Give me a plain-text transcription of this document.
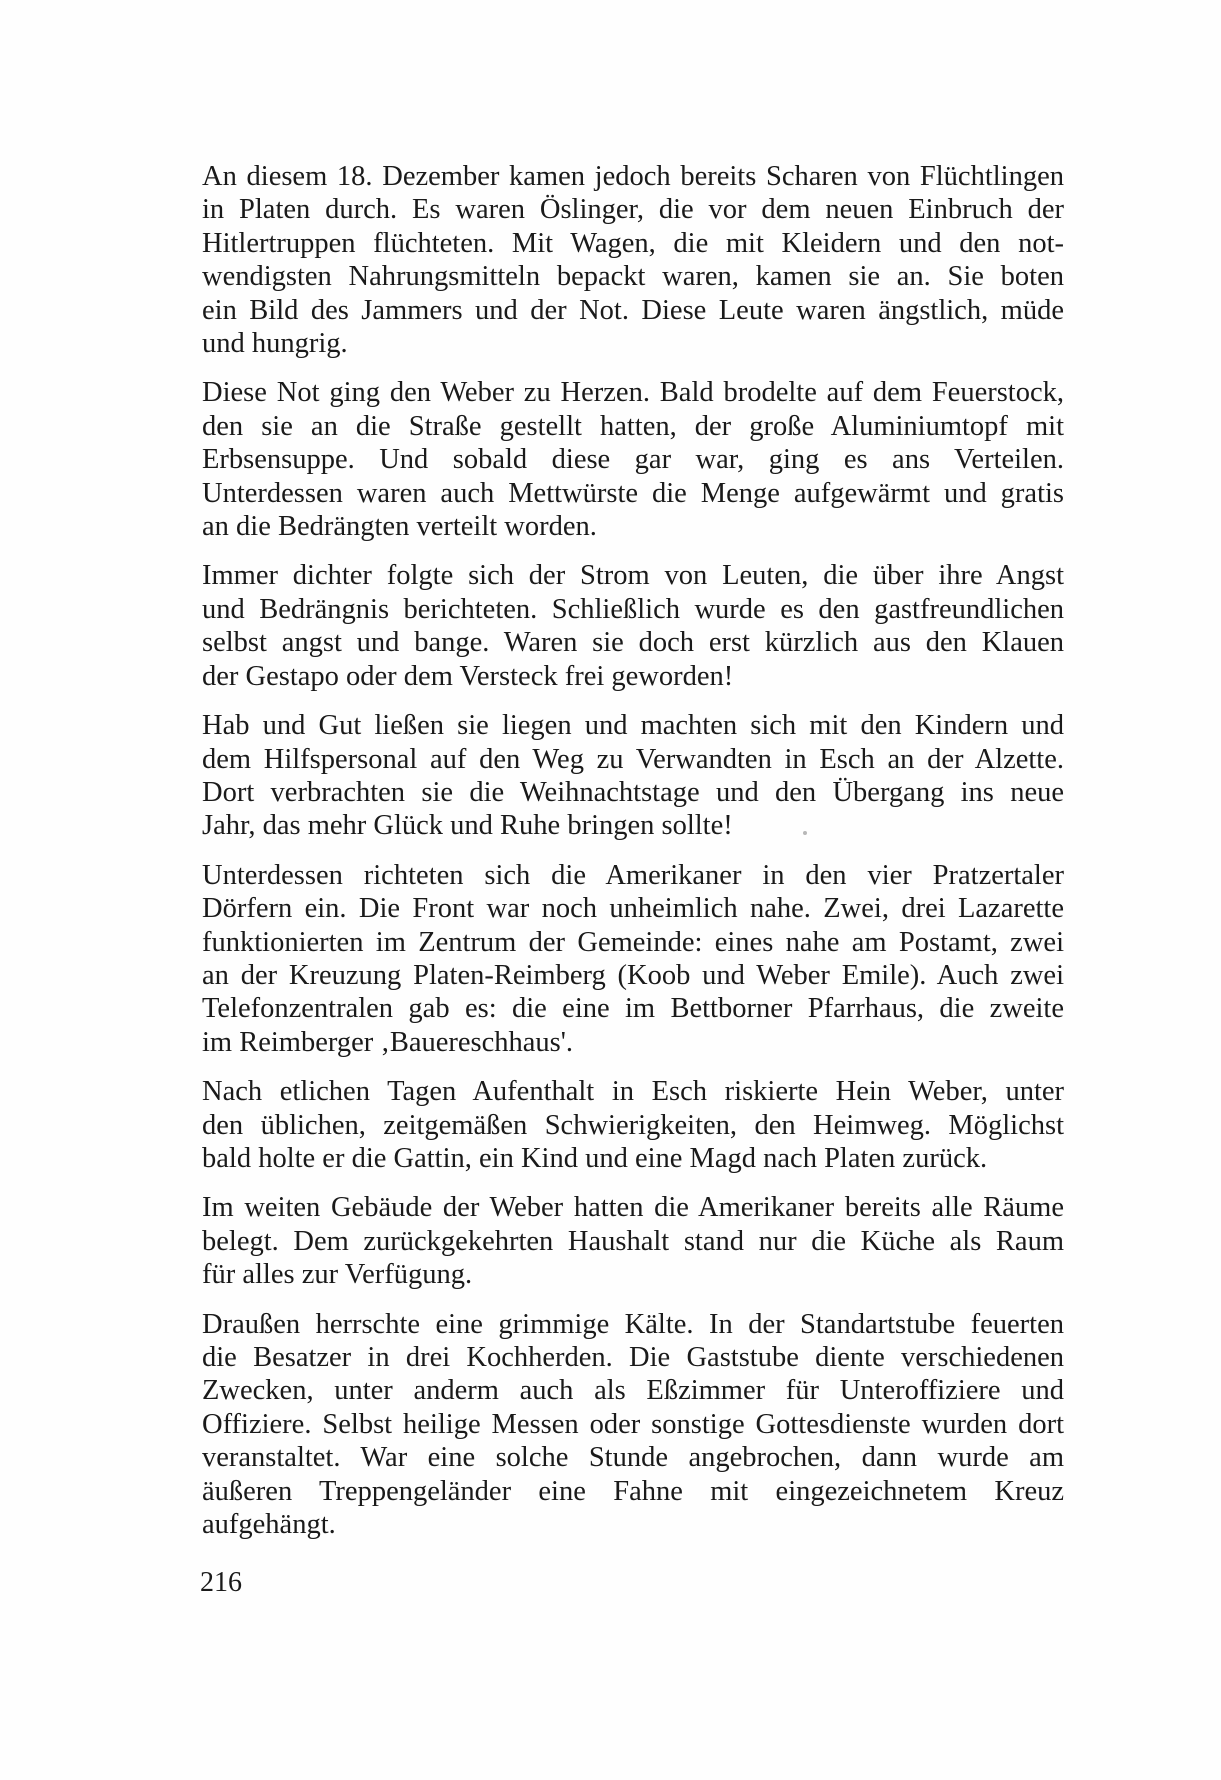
An diesem 18. Dezember kamen jedoch bereits Scharen von Flüchtlingen
in Platen durch. Es waren Öslinger, die vor dem neuen Einbruch der
Hitlertruppen flüchteten. Mit Wagen, die mit Kleidern und den not-
wendigsten Nahrungsmitteln bepackt waren, kamen sie an. Sie boten
ein Bild des Jammers und der Not. Diese Leute waren ängstlich, müde
und hungrig.

Diese Not ging den Weber zu Herzen. Bald brodelte auf dem Feuerstock,
den sie an die Straße gestellt hatten, der große Aluminiumtopf mit
Erbsensuppe. Und sobald diese gar war, ging es ans Verteilen.
Unterdessen waren auch Mettwürste die Menge aufgewärmt und gratis
an die Bedrängten verteilt worden.

Immer dichter folgte sich der Strom von Leuten, die über ihre Angst
und Bedrängnis berichteten. Schließlich wurde es den gastfreundlichen
selbst angst und bange. Waren sie doch erst kürzlich aus den Klauen
der Gestapo oder dem Versteck frei geworden!

Hab und Gut ließen sie liegen und machten sich mit den Kindern und
dem Hilfspersonal auf den Weg zu Verwandten in Esch an der Alzette.
Dort verbrachten sie die Weihnachtstage und den Übergang ins neue
Jahr, das mehr Glück und Ruhe bringen sollte!

Unterdessen richteten sich die Amerikaner in den vier Pratzertaler
Dörfern ein. Die Front war noch unheimlich nahe. Zwei, drei Lazarette
funktionierten im Zentrum der Gemeinde: eines nahe am Postamt, zwei
an der Kreuzung Platen-Reimberg (Koob und Weber Emile). Auch zwei
Telefonzentralen gab es: die eine im Bettborner Pfarrhaus, die zweite
im Reimberger ‚Bauereschhaus'.

Nach etlichen Tagen Aufenthalt in Esch riskierte Hein Weber, unter
den üblichen, zeitgemäßen Schwierigkeiten, den Heimweg. Möglichst
bald holte er die Gattin, ein Kind und eine Magd nach Platen zurück.

Im weiten Gebäude der Weber hatten die Amerikaner bereits alle Räume
belegt. Dem zurückgekehrten Haushalt stand nur die Küche als Raum
für alles zur Verfügung.

Draußen herrschte eine grimmige Kälte. In der Standartstube feuerten
die Besatzer in drei Kochherden. Die Gaststube diente verschiedenen
Zwecken, unter anderm auch als Eßzimmer für Unteroffiziere und
Offiziere. Selbst heilige Messen oder sonstige Gottesdienste wurden dort
veranstaltet. War eine solche Stunde angebrochen, dann wurde am
äußeren Treppengeländer eine Fahne mit eingezeichnetem Kreuz
aufgehängt.

216
